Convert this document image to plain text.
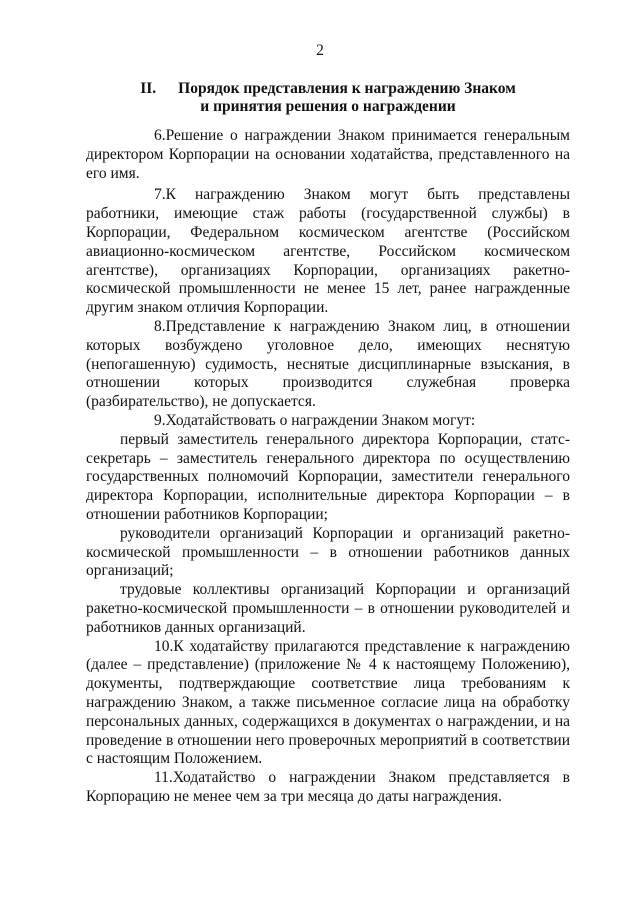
2
II. Порядок представления к награждению Знаком
и принятия решения о награждении

6.Решение о награждении Знаком принимается генеральным директором Корпорации на основании ходатайства, представленного на его имя.

7.К награждению Знаком могут быть представлены работники, имеющие стаж работы (государственной службы) в Корпорации, Федеральном космическом агентстве (Российском авиационно-космическом агентстве, Российском космическом агентстве), организациях Корпорации, организациях ракетно-космической промышленности не менее 15 лет, ранее награжденные другим знаком отличия Корпорации.

8.Представление к награждению Знаком лиц, в отношении которых возбуждено уголовное дело, имеющих неснятую (непогашенную) судимость, неснятые дисциплинарные взыскания, в отношении которых производится служебная проверка (разбирательство), не допускается.

9.Ходатайствовать о награждении Знаком могут:

первый заместитель генерального директора Корпорации, статс-секретарь – заместитель генерального директора по осуществлению государственных полномочий Корпорации, заместители генерального директора Корпорации, исполнительные директора Корпорации – в отношении работников Корпорации;

руководители организаций Корпорации и организаций ракетно-космической промышленности – в отношении работников данных организаций;

трудовые коллективы организаций Корпорации и организаций ракетно-космической промышленности – в отношении руководителей и работников данных организаций.

10.К ходатайству прилагаются представление к награждению (далее – представление) (приложение № 4 к настоящему Положению), документы, подтверждающие соответствие лица требованиям к награждению Знаком, а также письменное согласие лица на обработку персональных данных, содержащихся в документах о награждении, и на проведение в отношении него проверочных мероприятий в соответствии с настоящим Положением.

11.Ходатайство о награждении Знаком представляется в Корпорацию не менее чем за три месяца до даты награждения.
